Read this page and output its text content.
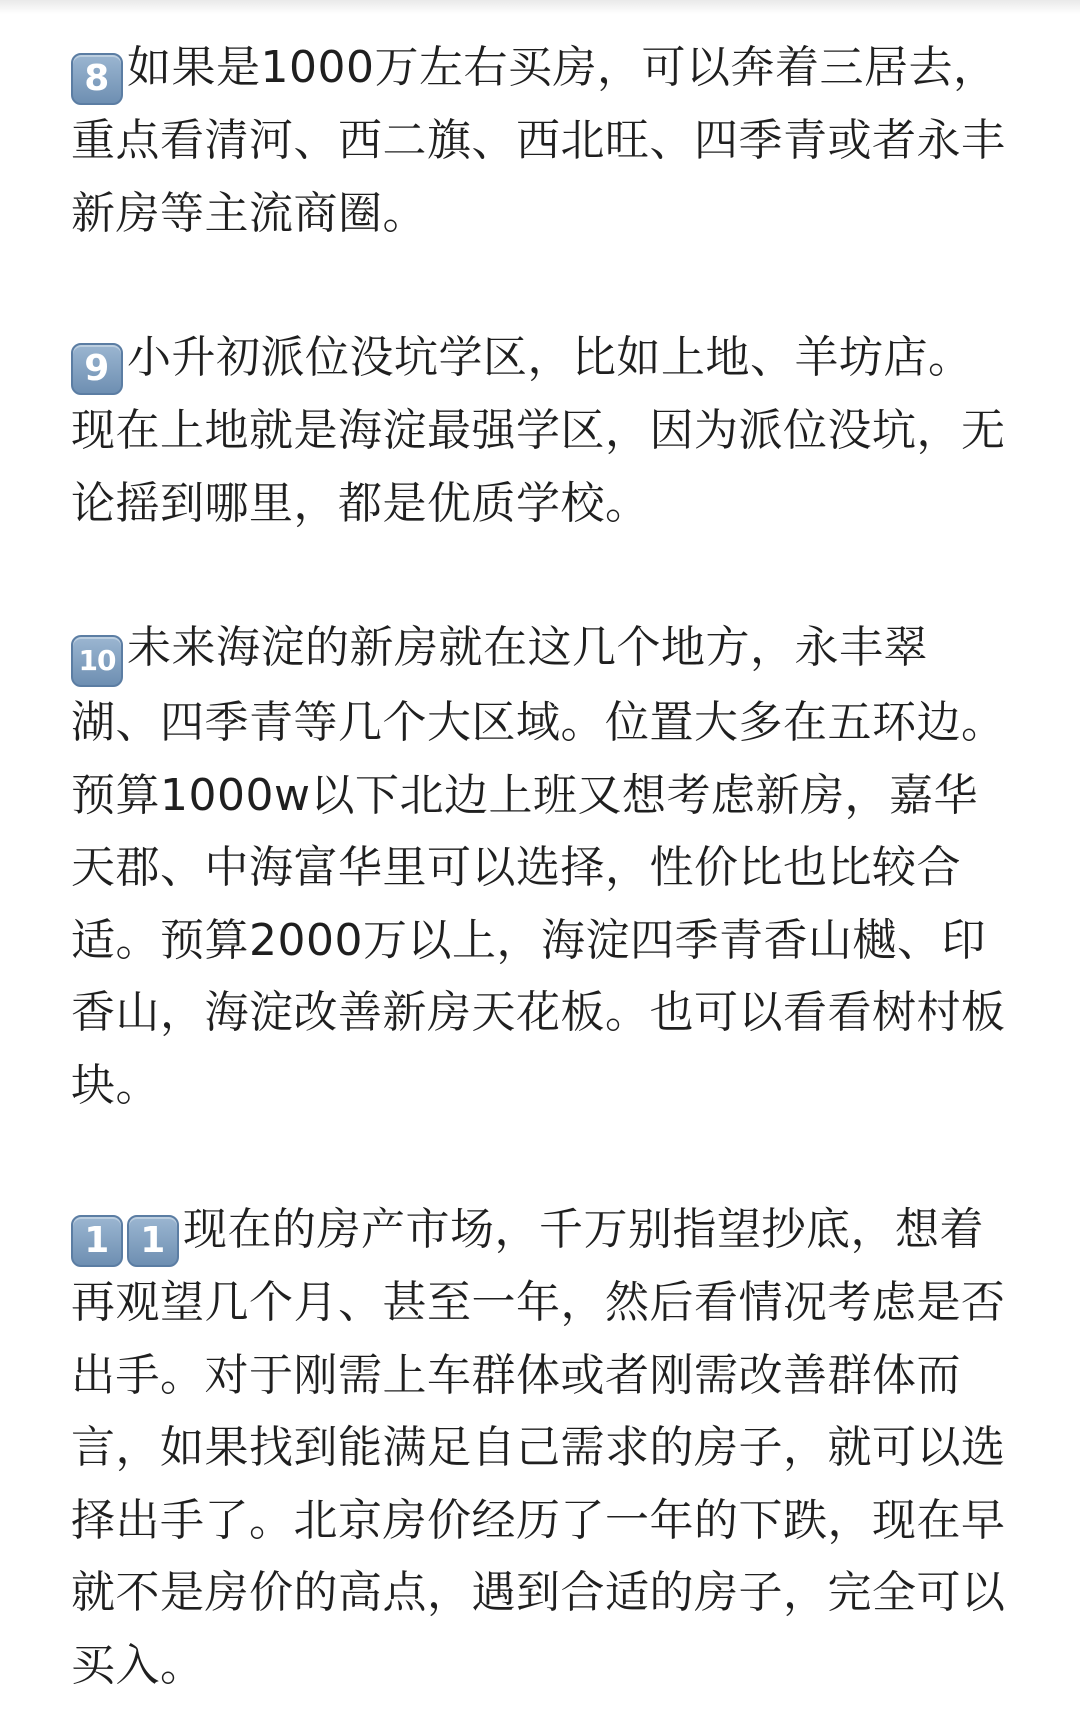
8 如果是1000万左右买房，可以奔着三居去，重点看清河、西二旗、西北旺、四季青或者永丰新房等主流商圈。

9 小升初派位没坑学区，比如上地、羊坊店。现在上地就是海淀最强学区，因为派位没坑，无论摇到哪里，都是优质学校。

10 未来海淀的新房就在这几个地方，永丰翠湖、四季青等几个大区域。位置大多在五环边。预算1000w以下北边上班又想考虑新房，嘉华天郡、中海富华里可以选择，性价比也比较合适。预算2000万以上，海淀四季青香山樾、印香山，海淀改善新房天花板。也可以看看树村板块。

1 1 现在的房产市场，千万别指望抄底，想着再观望几个月、甚至一年，然后看情况考虑是否出手。对于刚需上车群体或者刚需改善群体而言，如果找到能满足自己需求的房子，就可以选择出手了。北京房价经历了一年的下跌，现在早就不是房价的高点，遇到合适的房子，完全可以买入。
